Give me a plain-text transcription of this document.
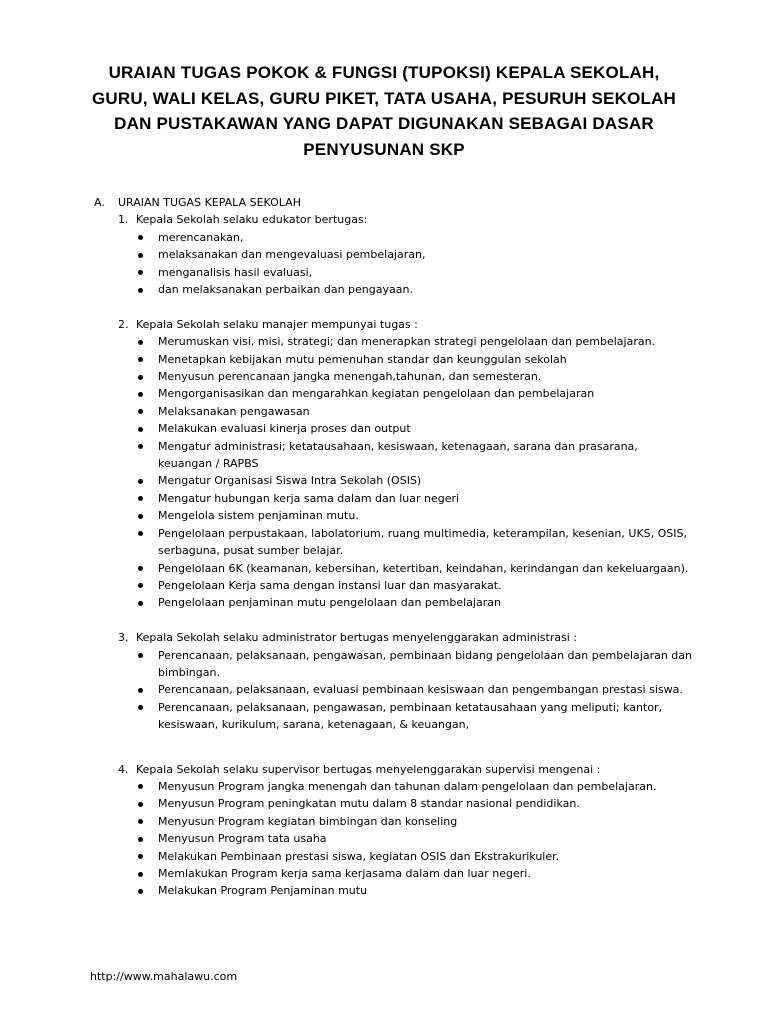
URAIAN TUGAS POKOK & FUNGSI (TUPOKSI) KEPALA SEKOLAH,
GURU, WALI KELAS, GURU PIKET, TATA USAHA, PESURUH SEKOLAH
DAN PUSTAKAWAN YANG DAPAT DIGUNAKAN SEBAGAI DASAR
PENYUSUNAN SKP
A.	URAIAN TUGAS KEPALA SEKOLAH
1. Kepala Sekolah selaku edukator bertugas:
merencanakan,
melaksanakan dan mengevaluasi pembelajaran,
menganalisis hasil evaluasi,
dan melaksanakan perbaikan dan pengayaan.
2. Kepala Sekolah selaku manajer mempunyai tugas :
Merumuskan visi, misi, strategi; dan menerapkan strategi pengelolaan dan pembelajaran.
Menetapkan kebijakan mutu pemenuhan standar dan keunggulan sekolah
Menyusun perencanaan jangka menengah,tahunan, dan semesteran.
Mengorganisasikan dan mengarahkan kegiatan pengelolaan dan pembelajaran
Melaksanakan pengawasan
Melakukan evaluasi kinerja proses dan output
Mengatur administrasi; ketatausahaan, kesiswaan, ketenagaan, sarana dan prasarana, keuangan / RAPBS
Mengatur Organisasi Siswa Intra Sekolah (OSIS)
Mengatur hubungan kerja sama dalam dan luar negeri
Mengelola sistem penjaminan mutu.
Pengelolaan perpustakaan, labolatorium, ruang multimedia, keterampilan, kesenian, UKS, OSIS, serbaguna, pusat sumber belajar.
Pengelolaan 6K (keamanan, kebersihan, ketertiban, keindahan, kerindangan dan kekeluargaan).
Pengelolaan Kerja sama dengan instansi luar dan masyarakat.
Pengelolaan penjaminan mutu pengelolaan dan pembelajaran
3. Kepala Sekolah selaku administrator bertugas menyelenggarakan administrasi :
Perencanaan, pelaksanaan, pengawasan, pembinaan bidang pengelolaan dan pembelajaran dan bimbingan.
Perencanaan, pelaksanaan, evaluasi pembinaan kesiswaan dan pengembangan prestasi siswa.
Perencanaan, pelaksanaan, pengawasan, pembinaan ketatausahaan yang meliputi; kantor, kesiswaan, kurikulum, sarana, ketenagaan, & keuangan,
4. Kepala Sekolah selaku supervisor bertugas menyelenggarakan supervisi mengenai :
Menyusun Program jangka menengah dan tahunan dalam pengelolaan dan pembelajaran.
Menyusun Program peningkatan mutu dalam 8 standar nasional pendidikan.
Menyusun Program kegiatan bimbingan dan konseling
Menyusun Program tata usaha
Melakukan Pembinaan prestasi siswa, kegiatan OSIS dan Ekstrakurikuler.
Memlakukan Program kerja sama kerjasama dalam dan luar negeri.
Melakukan Program Penjaminan mutu
http://www.mahalawu.com
